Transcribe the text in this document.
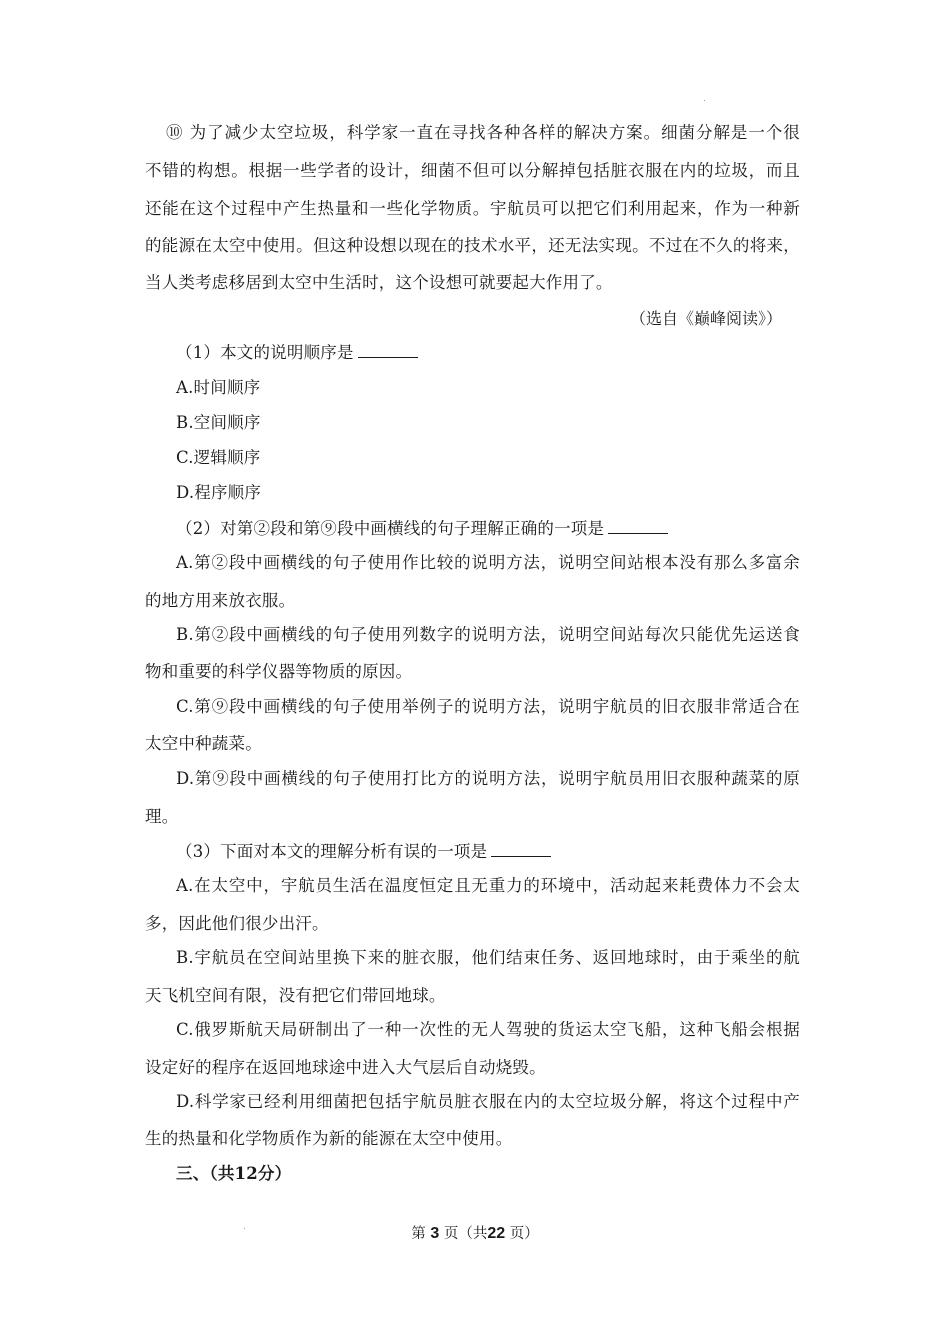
⑩ 为了减少太空垃圾，科学家一直在寻找各种各样的解决方案。细菌分解是一个很
不错的构想。根据一些学者的设计，细菌不但可以分解掉包括脏衣服在内的垃圾，而且
还能在这个过程中产生热量和一些化学物质。宇航员可以把它们利用起来，作为一种新
的能源在太空中使用。但这种设想以现在的技术水平，还无法实现。不过在不久的将来，
当人类考虑移居到太空中生活时，这个设想可就要起大作用了。
（选自《巅峰阅读》）
（1）本文的说明顺序是
A.时间顺序
B.空间顺序
C.逻辑顺序
D.程序顺序
（2）对第②段和第⑨段中画横线的句子理解正确的一项是
A.第②段中画横线的句子使用作比较的说明方法，说明空间站根本没有那么多富余
的地方用来放衣服。
B.第②段中画横线的句子使用列数字的说明方法，说明空间站每次只能优先运送食
物和重要的科学仪器等物质的原因。
C.第⑨段中画横线的句子使用举例子的说明方法，说明宇航员的旧衣服非常适合在
太空中种蔬菜。
D.第⑨段中画横线的句子使用打比方的说明方法，说明宇航员用旧衣服种蔬菜的原
理。
（3）下面对本文的理解分析有误的一项是
A.在太空中，宇航员生活在温度恒定且无重力的环境中，活动起来耗费体力不会太
多，因此他们很少出汗。
B.宇航员在空间站里换下来的脏衣服，他们结束任务、返回地球时，由于乘坐的航
天飞机空间有限，没有把它们带回地球。
C.俄罗斯航天局研制出了一种一次性的无人驾驶的货运太空飞船，这种飞船会根据
设定好的程序在返回地球途中进入大气层后自动烧毁。
D.科学家已经利用细菌把包括宇航员脏衣服在内的太空垃圾分解，将这个过程中产
生的热量和化学物质作为新的能源在太空中使用。
三、（共12分）
第 3 页（共22 页）
